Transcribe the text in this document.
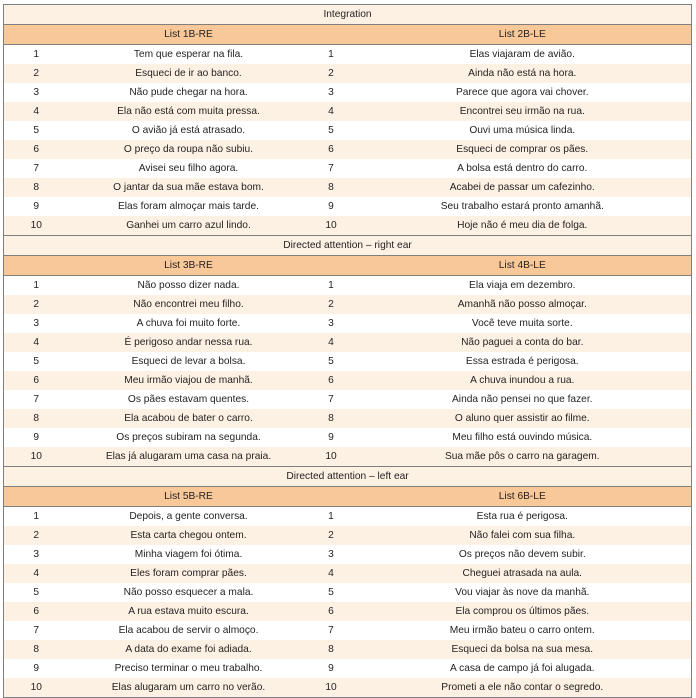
Integration			
	List 1B-RE		List 2B-LE
1	Tem que esperar na fila.	1	Elas viajaram de avião.
2	Esqueci de ir ao banco.	2	Ainda não está na hora.
3	Não pude chegar na hora.	3	Parece que agora vai chover.
4	Ela não está com muita pressa.	4	Encontrei seu irmão na rua.
5	O avião já está atrasado.	5	Ouvi uma música linda.
6	O preço da roupa não subiu.	6	Esqueci de comprar os pães.
7	Avisei seu filho agora.	7	A bolsa está dentro do carro.
8	O jantar da sua mãe estava bom.	8	Acabei de passar um cafezinho.
9	Elas foram almoçar mais tarde.	9	Seu trabalho estará pronto amanhã.
10	Ganhei um carro azul lindo.	10	Hoje não é meu dia de folga.
Directed attention – right ear			
	List 3B-RE		List 4B-LE
1	Não posso dizer nada.	1	Ela viaja em dezembro.
2	Não encontrei meu filho.	2	Amanhã não posso almoçar.
3	A chuva foi muito forte.	3	Você teve muita sorte.
4	É perigoso andar nessa rua.	4	Não paguei a conta do bar.
5	Esqueci de levar a bolsa.	5	Essa estrada é perigosa.
6	Meu irmão viajou de manhã.	6	A chuva inundou a rua.
7	Os pães estavam quentes.	7	Ainda não pensei no que fazer.
8	Ela acabou de bater o carro.	8	O aluno quer assistir ao filme.
9	Os preços subiram na segunda.	9	Meu filho está ouvindo música.
10	Elas já alugaram uma casa na praia.	10	Sua mãe pôs o carro na garagem.
Directed attention – left ear			
	List 5B-RE		List 6B-LE
1	Depois, a gente conversa.	1	Esta rua é perigosa.
2	Esta carta chegou ontem.	2	Não falei com sua filha.
3	Minha viagem foi ótima.	3	Os preços não devem subir.
4	Eles foram comprar pães.	4	Cheguei atrasada na aula.
5	Não posso esquecer a mala.	5	Vou viajar às nove da manhã.
6	A rua estava muito escura.	6	Ela comprou os últimos pães.
7	Ela acabou de servir o almoço.	7	Meu irmão bateu o carro ontem.
8	A data do exame foi adiada.	8	Esqueci da bolsa na sua mesa.
9	Preciso terminar o meu trabalho.	9	A casa de campo já foi alugada.
10	Elas alugaram um carro no verão.	10	Prometi a ele não contar o segredo.
